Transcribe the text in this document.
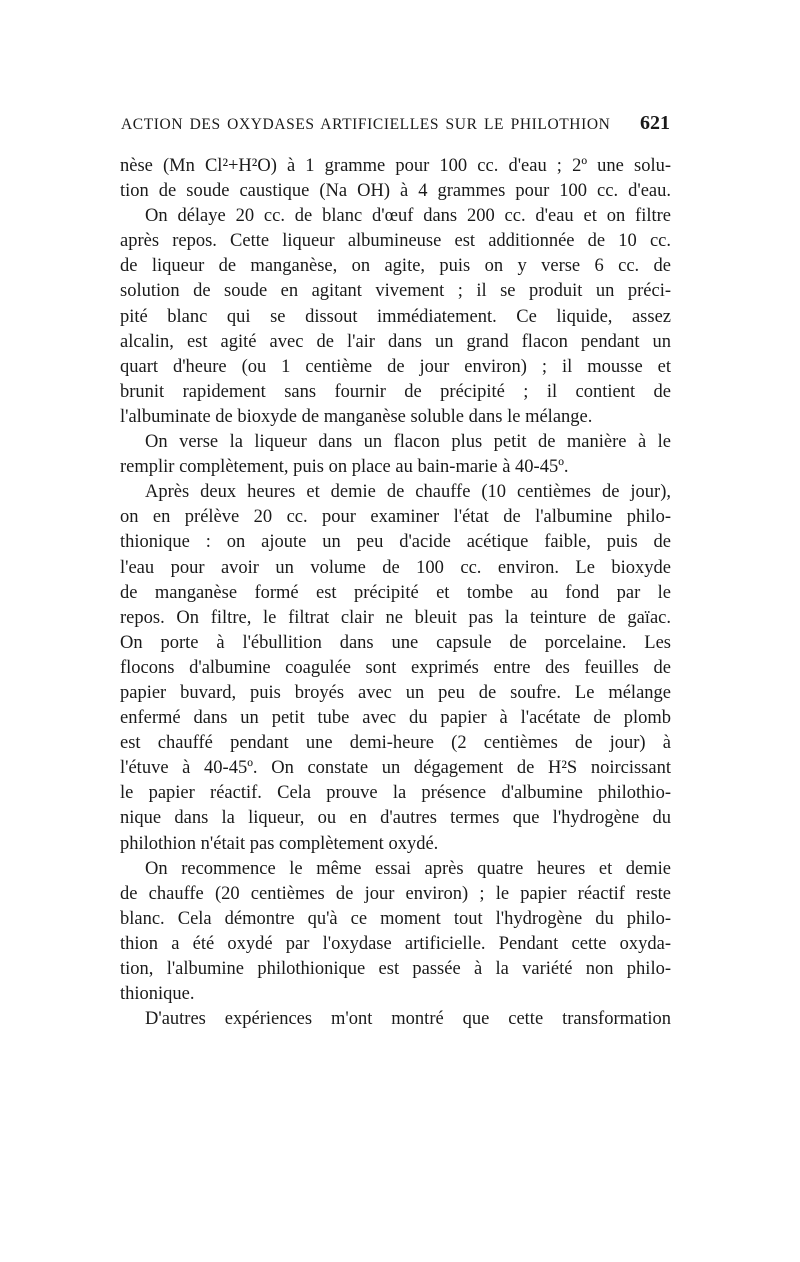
ACTION DES OXYDASES ARTIFICIELLES SUR LE PHILOTHION 621
nèse (Mn Cl²+H²O) à 1 gramme pour 100 cc. d'eau ; 2º une solu-
tion de soude caustique (Na OH) à 4 grammes pour 100 cc. d'eau.
On délaye 20 cc. de blanc d'œuf dans 200 cc. d'eau et on filtre
après repos. Cette liqueur albumineuse est additionnée de 10 cc.
de liqueur de manganèse, on agite, puis on y verse 6 cc. de
solution de soude en agitant vivement ; il se produit un préci-
pité blanc qui se dissout immédiatement. Ce liquide, assez
alcalin, est agité avec de l'air dans un grand flacon pendant un
quart d'heure (ou 1 centième de jour environ) ; il mousse et
brunit rapidement sans fournir de précipité ; il contient de
l'albuminate de bioxyde de manganèse soluble dans le mélange.
On verse la liqueur dans un flacon plus petit de manière à le
remplir complètement, puis on place au bain-marie à 40-45º.
Après deux heures et demie de chauffe (10 centièmes de jour),
on en prélève 20 cc. pour examiner l'état de l'albumine philo-
thionique : on ajoute un peu d'acide acétique faible, puis de
l'eau pour avoir un volume de 100 cc. environ. Le bioxyde
de manganèse formé est précipité et tombe au fond par le
repos. On filtre, le filtrat clair ne bleuit pas la teinture de gaïac.
On porte à l'ébullition dans une capsule de porcelaine. Les
flocons d'albumine coagulée sont exprimés entre des feuilles de
papier buvard, puis broyés avec un peu de soufre. Le mélange
enfermé dans un petit tube avec du papier à l'acétate de plomb
est chauffé pendant une demi-heure (2 centièmes de jour) à
l'étuve à 40-45º. On constate un dégagement de H²S noircissant
le papier réactif. Cela prouve la présence d'albumine philothio-
nique dans la liqueur, ou en d'autres termes que l'hydrogène du
philothion n'était pas complètement oxydé.
On recommence le même essai après quatre heures et demie
de chauffe (20 centièmes de jour environ) ; le papier réactif reste
blanc. Cela démontre qu'à ce moment tout l'hydrogène du philo-
thion a été oxydé par l'oxydase artificielle. Pendant cette oxyda-
tion, l'albumine philothionique est passée à la variété non philo-
thionique.
D'autres expériences m'ont montré que cette transformation
